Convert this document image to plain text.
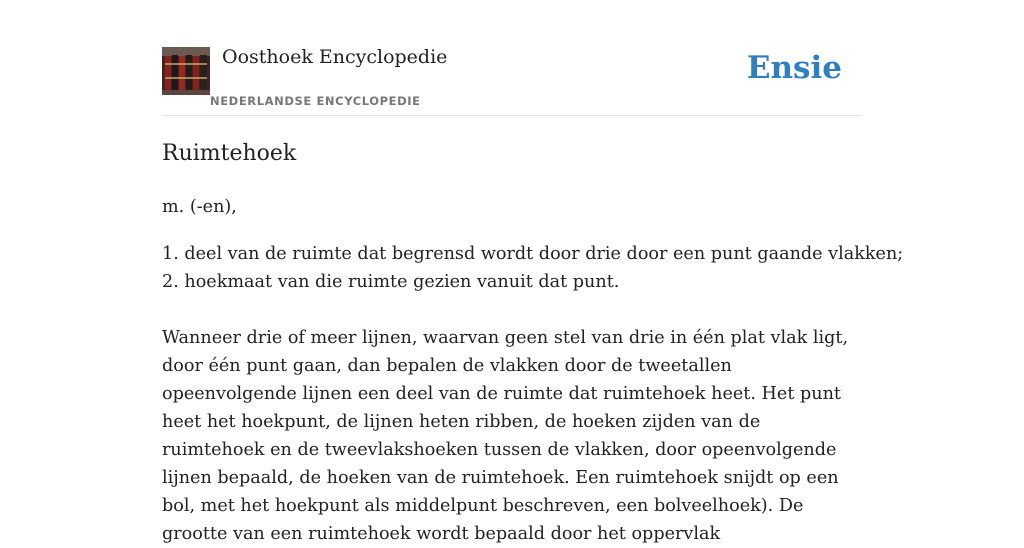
Oosthoek Encyclopedie
NEDERLANDSE ENCYCLOPEDIE
Ensie
Ruimtehoek

m. (-en),

1. deel van de ruimte dat begrensd wordt door drie door een punt gaande vlakken;
2. hoekmaat van die ruimte gezien vanuit dat punt.

Wanneer drie of meer lijnen, waarvan geen stel van drie in één plat vlak ligt, door één punt gaan, dan bepalen de vlakken door de tweetallen opeenvolgende lijnen een deel van de ruimte dat ruimtehoek heet. Het punt heet het hoekpunt, de lijnen heten ribben, de hoeken zijden van de ruimtehoek en de tweevlakshoeken tussen de vlakken, door opeenvolgende lijnen bepaald, de hoeken van de ruimtehoek. Een ruimtehoek snijdt op een bol, met het hoekpunt als middelpunt beschreven, een bolveelhoek). De grootte van een ruimtehoek wordt bepaald door het oppervlak
